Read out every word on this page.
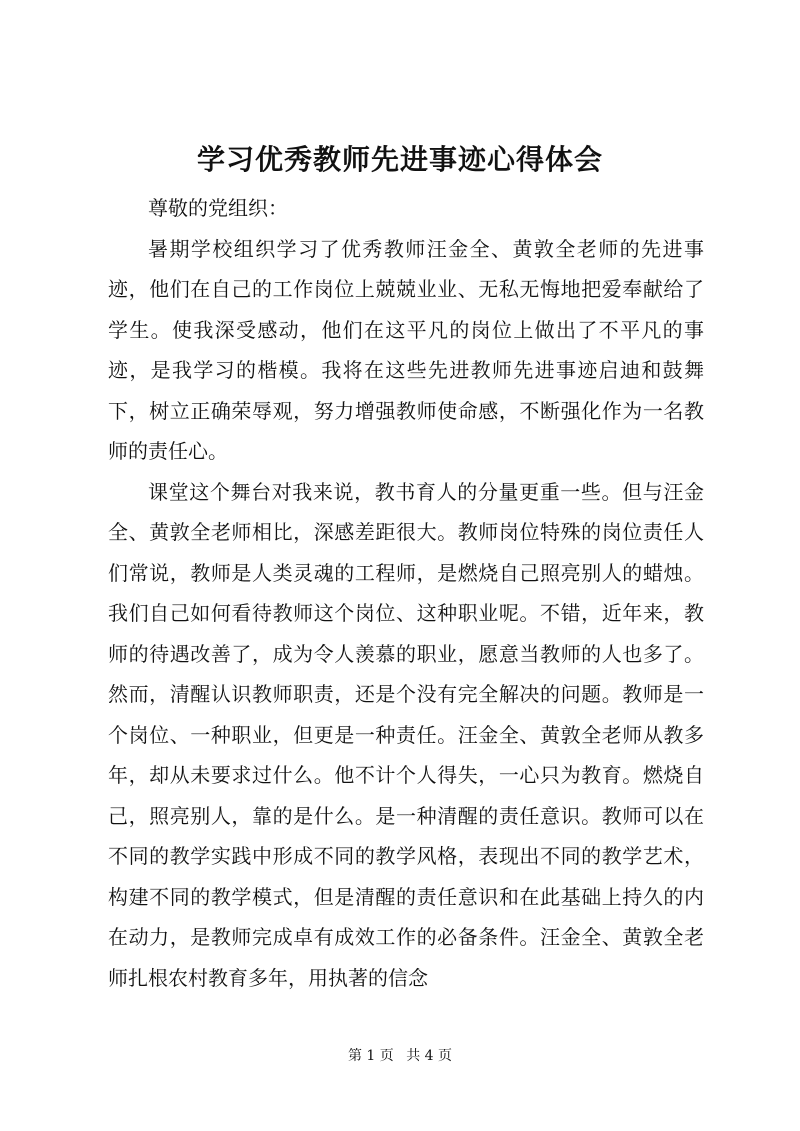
学习优秀教师先进事迹心得体会

尊敬的党组织：

暑期学校组织学习了优秀教师汪金全、黄敦全老师的先进事迹，他们在自己的工作岗位上兢兢业业、无私无悔地把爱奉献给了学生。使我深受感动，他们在这平凡的岗位上做出了不平凡的事迹，是我学习的楷模。我将在这些先进教师先进事迹启迪和鼓舞下，树立正确荣辱观，努力增强教师使命感，不断强化作为一名教师的责任心。

课堂这个舞台对我来说，教书育人的分量更重一些。但与汪金全、黄敦全老师相比，深感差距很大。教师岗位特殊的岗位责任人们常说，教师是人类灵魂的工程师，是燃烧自己照亮别人的蜡烛。我们自己如何看待教师这个岗位、这种职业呢。不错，近年来，教师的待遇改善了，成为令人羡慕的职业，愿意当教师的人也多了。然而，清醒认识教师职责，还是个没有完全解决的问题。教师是一个岗位、一种职业，但更是一种责任。汪金全、黄敦全老师从教多年，却从未要求过什么。他不计个人得失，一心只为教育。燃烧自己，照亮别人，靠的是什么。是一种清醒的责任意识。教师可以在不同的教学实践中形成不同的教学风格，表现出不同的教学艺术，构建不同的教学模式，但是清醒的责任意识和在此基础上持久的内在动力，是教师完成卓有成效工作的必备条件。汪金全、黄敦全老师扎根农村教育多年，用执著的信念

第 1 页 共 4 页
